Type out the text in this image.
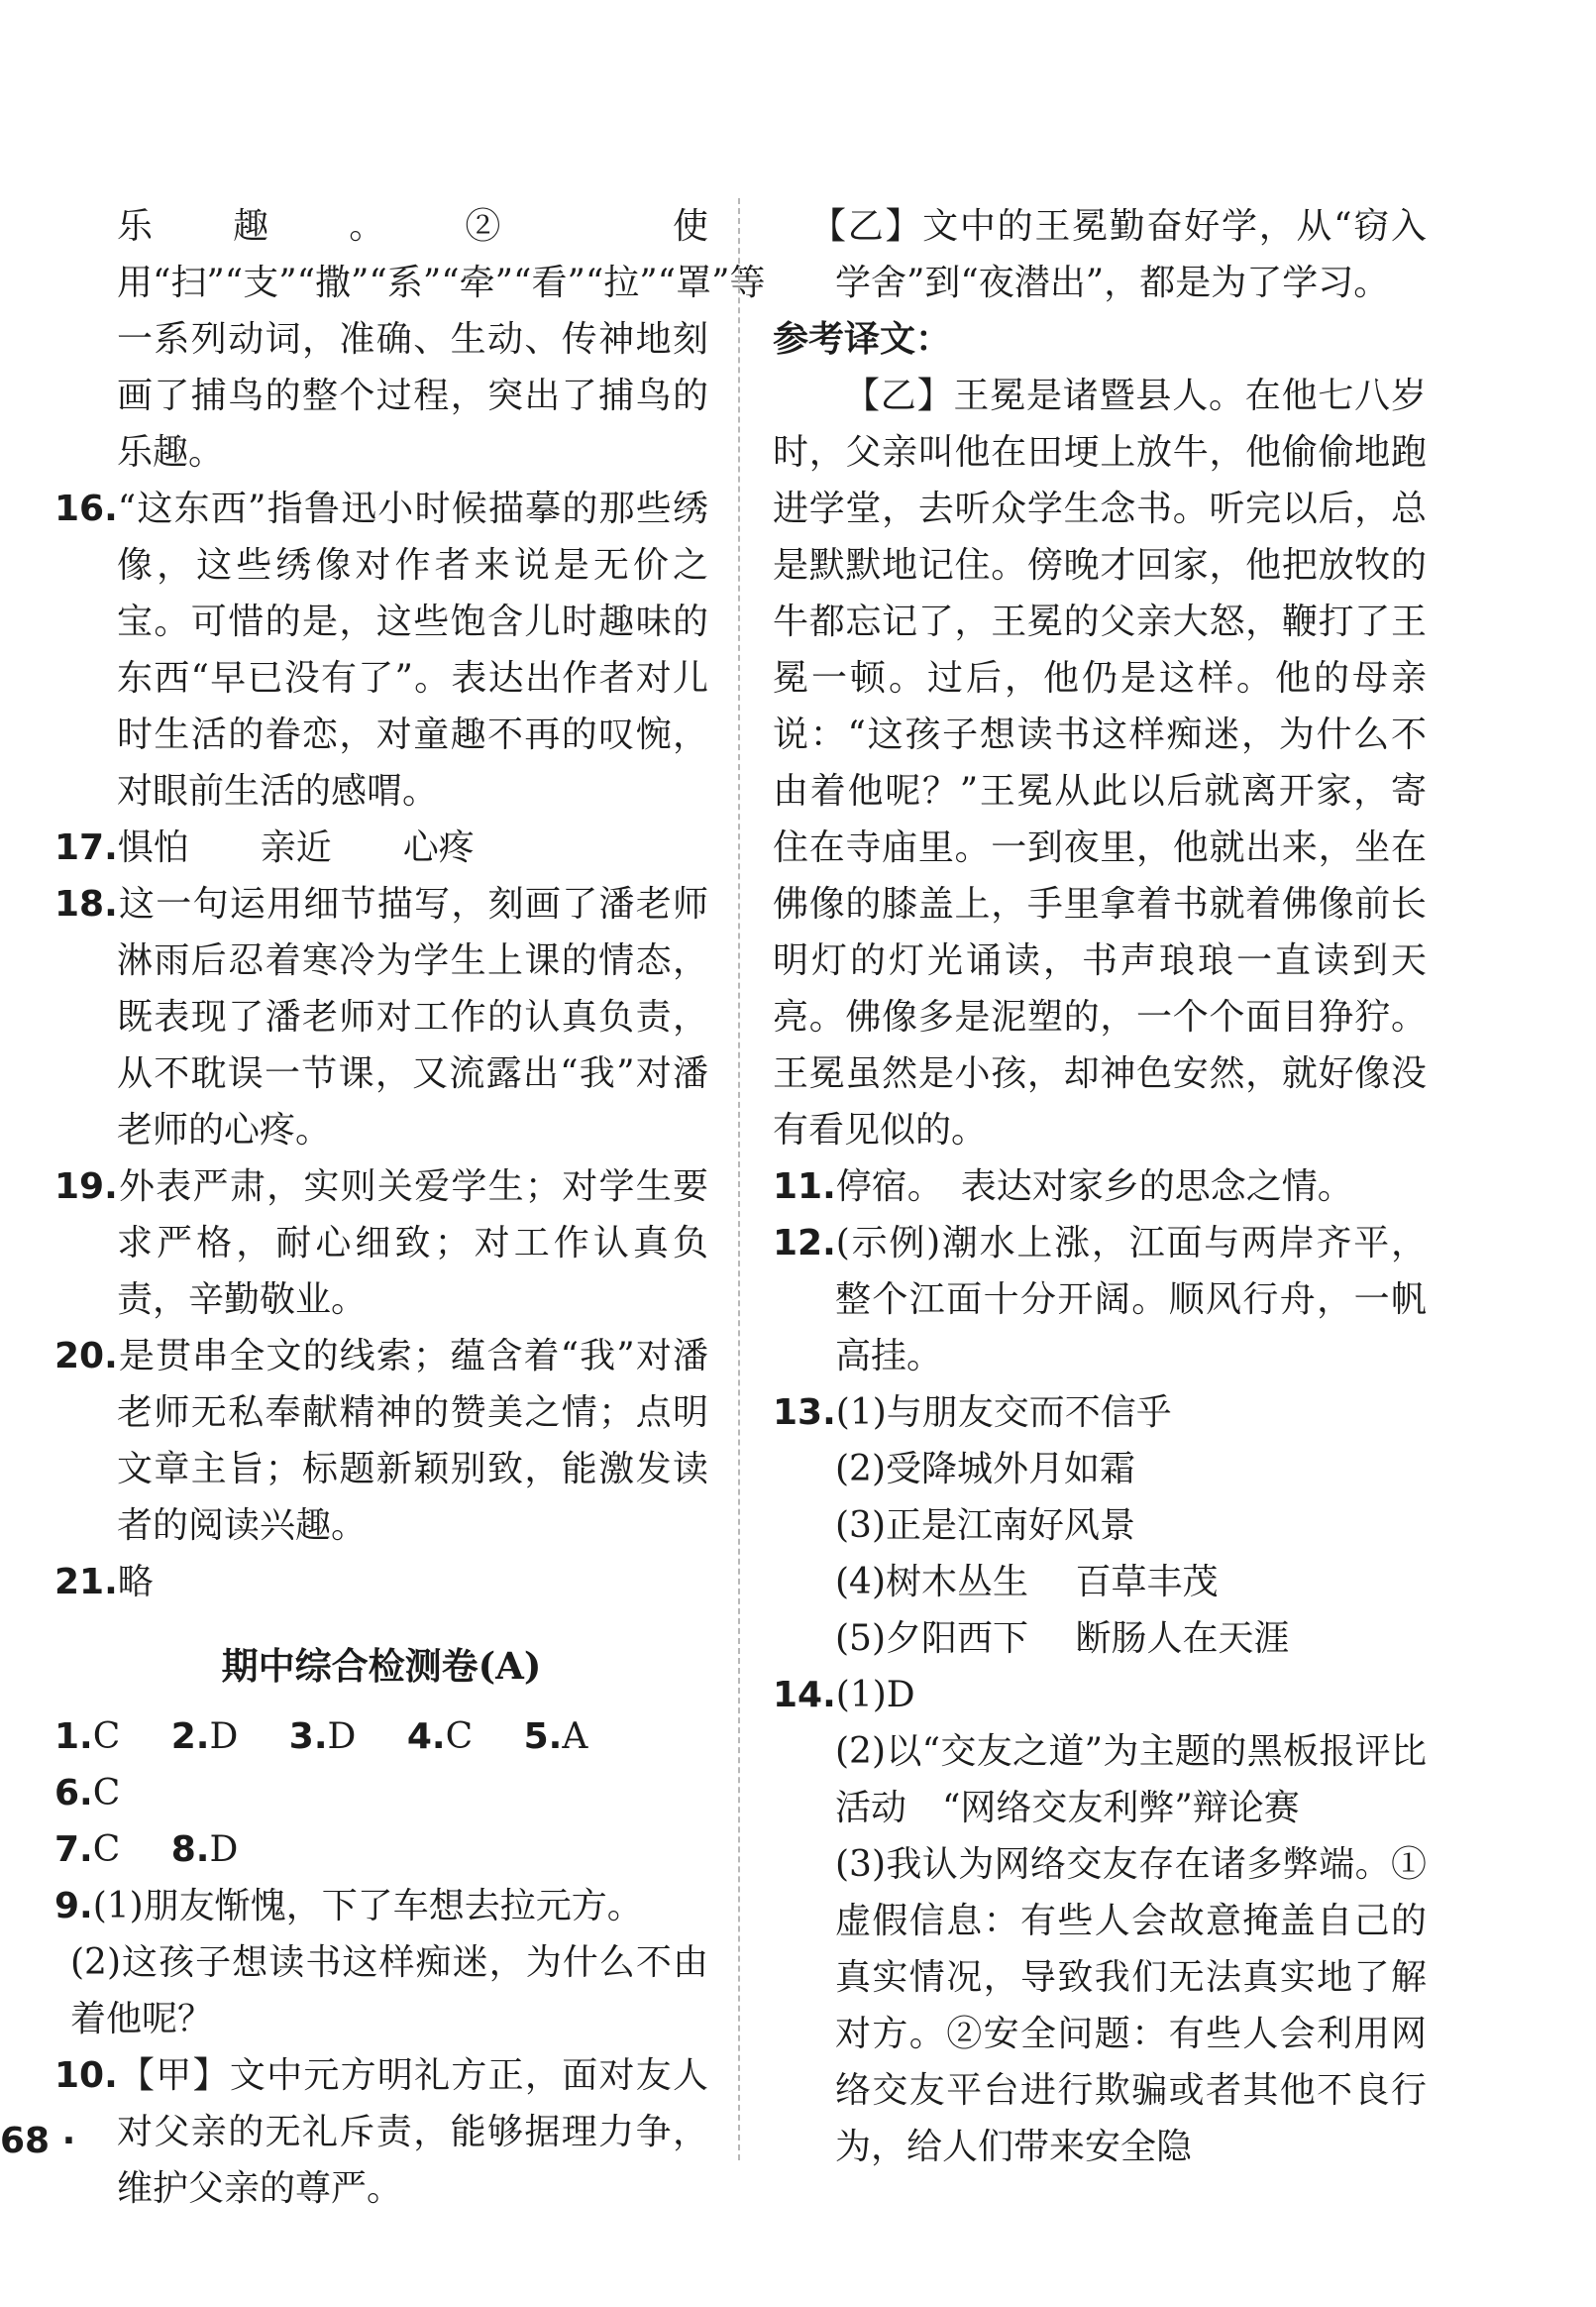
乐趣。② 使用“扫”“支”“撒”“系”“牵”“看”“拉”“罩”等一系列动词，准确、生动、传神地刻画了捕鸟的整个过程，突出了捕鸟的乐趣。

16.“这东西”指鲁迅小时候描摹的那些绣像，这些绣像对作者来说是无价之宝。可惜的是，这些饱含儿时趣味的东西“早已没有了”。表达出作者对儿时生活的眷恋，对童趣不再的叹惋，对眼前生活的感喟。

17.惧怕　　亲近　　心疼

18.这一句运用细节描写，刻画了潘老师淋雨后忍着寒冷为学生上课的情态，既表现了潘老师对工作的认真负责，从不耽误一节课，又流露出“我”对潘老师的心疼。

19.外表严肃，实则关爱学生；对学生要求严格，耐心细致；对工作认真负责，辛勤敬业。

20.是贯串全文的线索；蕴含着“我”对潘老师无私奉献精神的赞美之情；点明文章主旨；标题新颖别致，能激发读者的阅读兴趣。

21.略

期中综合检测卷(A)

1.C 2.D 3.D 4.C 5.A 6.C

7.C 8.D

9.(1)朋友惭愧，下了车想去拉元方。

(2)这孩子想读书这样痴迷，为什么不由着他呢？

10.【甲】文中元方明礼方正，面对友人对父亲的无礼斥责，能够据理力争，维护父亲的尊严。

【乙】文中的王冕勤奋好学，从“窃入学舍”到“夜潜出”，都是为了学习。

参考译文：

【乙】王冕是诸暨县人。在他七八岁时，父亲叫他在田埂上放牛，他偷偷地跑进学堂，去听众学生念书。听完以后，总是默默地记住。傍晚才回家，他把放牧的牛都忘记了，王冕的父亲大怒，鞭打了王冕一顿。过后，他仍是这样。他的母亲说：“这孩子想读书这样痴迷，为什么不由着他呢？”王冕从此以后就离开家，寄住在寺庙里。一到夜里，他就出来，坐在佛像的膝盖上，手里拿着书就着佛像前长明灯的灯光诵读，书声琅琅一直读到天亮。佛像多是泥塑的，一个个面目狰狞。王冕虽然是小孩，却神色安然，就好像没有看见似的。

11.停宿。　表达对家乡的思念之情。

12.(示例)潮水上涨，江面与两岸齐平，整个江面十分开阔。顺风行舟，一帆高挂。

13.(1)与朋友交而不信乎

(2)受降城外月如霜

(3)正是江南好风景

(4)树木丛生　 百草丰茂

(5)夕阳西下　 断肠人在天涯

14.(1)D

(2)以“交友之道”为主题的黑板报评比活动　“网络交友利弊”辩论赛

(3)我认为网络交友存在诸多弊端。①虚假信息：有些人会故意掩盖自己的真实情况，导致我们无法真实地了解对方。②安全问题：有些人会利用网络交友平台进行欺骗或者其他不良行为，给人们带来安全隐

68 ·
